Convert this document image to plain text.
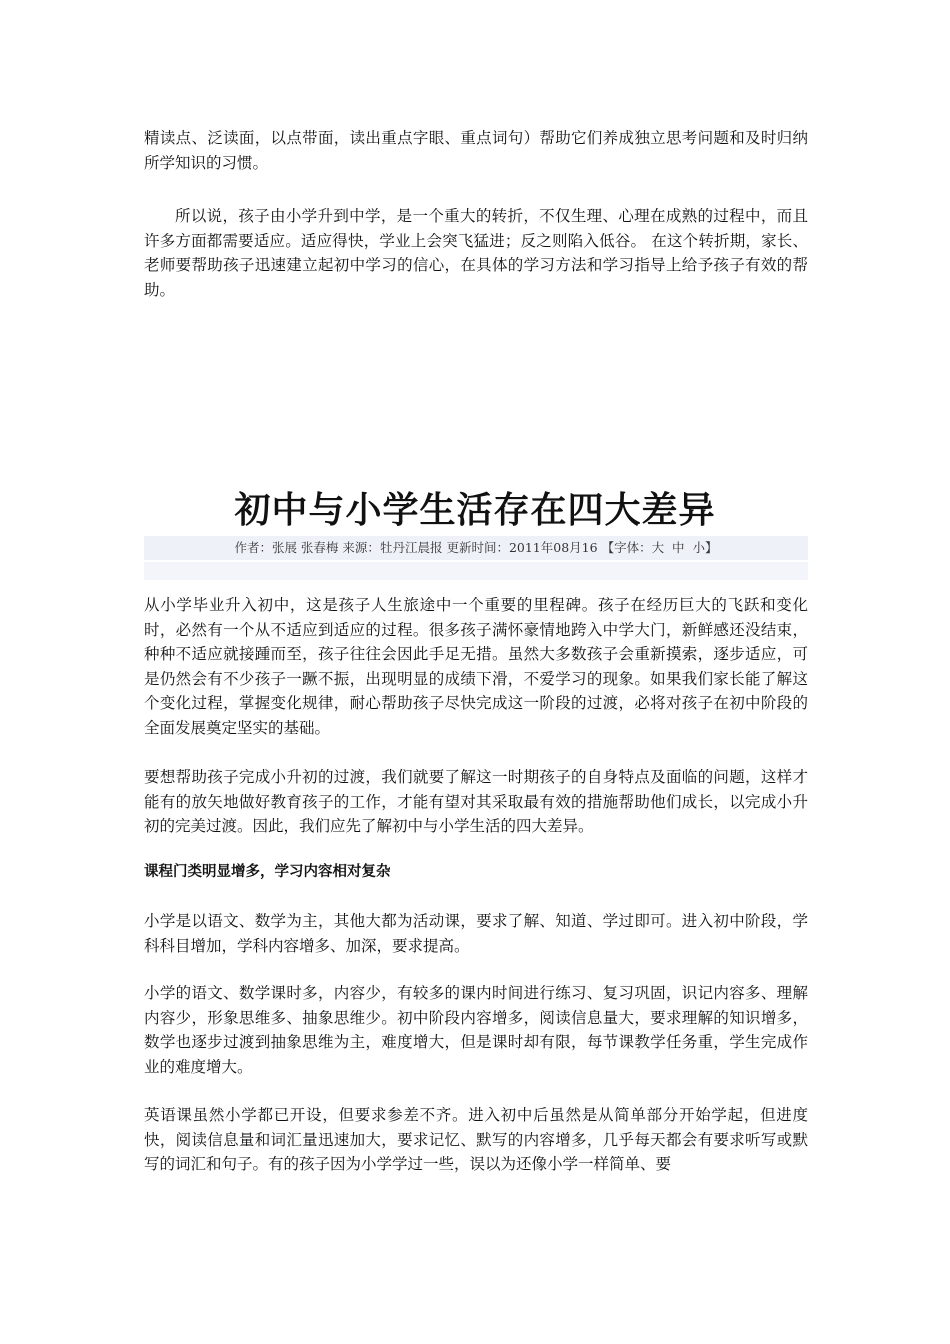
精读点、泛读面，以点带面，读出重点字眼、重点词句）帮助它们养成独立思考问题和及时归纳所学知识的习惯。

所以说，孩子由小学升到中学，是一个重大的转折，不仅生理、心理在成熟的过程中，而且许多方面都需要适应。适应得快，学业上会突飞猛进；反之则陷入低谷。 在这个转折期，家长、老师要帮助孩子迅速建立起初中学习的信心，在具体的学习方法和学习指导上给予孩子有效的帮助。

初中与小学生活存在四大差异
作者：张展 张春梅 来源：牡丹江晨报 更新时间：2011年08月16 【字体：大 中 小】

从小学毕业升入初中，这是孩子人生旅途中一个重要的里程碑。孩子在经历巨大的飞跃和变化时，必然有一个从不适应到适应的过程。很多孩子满怀豪情地跨入中学大门，新鲜感还没结束，种种不适应就接踵而至，孩子往往会因此手足无措。虽然大多数孩子会重新摸索，逐步适应，可是仍然会有不少孩子一蹶不振，出现明显的成绩下滑，不爱学习的现象。如果我们家长能了解这个变化过程，掌握变化规律，耐心帮助孩子尽快完成这一阶段的过渡，必将对孩子在初中阶段的全面发展奠定坚实的基础。

要想帮助孩子完成小升初的过渡，我们就要了解这一时期孩子的自身特点及面临的问题，这样才能有的放矢地做好教育孩子的工作，才能有望对其采取最有效的措施帮助他们成长，以完成小升初的完美过渡。因此，我们应先了解初中与小学生活的四大差异。

课程门类明显增多，学习内容相对复杂

小学是以语文、数学为主，其他大都为活动课，要求了解、知道、学过即可。进入初中阶段，学科科目增加，学科内容增多、加深，要求提高。

小学的语文、数学课时多，内容少，有较多的课内时间进行练习、复习巩固，识记内容多、理解内容少，形象思维多、抽象思维少。初中阶段内容增多，阅读信息量大，要求理解的知识增多，数学也逐步过渡到抽象思维为主，难度增大，但是课时却有限，每节课教学任务重，学生完成作业的难度增大。

英语课虽然小学都已开设，但要求参差不齐。进入初中后虽然是从简单部分开始学起，但进度快，阅读信息量和词汇量迅速加大，要求记忆、默写的内容增多，几乎每天都会有要求听写或默写的词汇和句子。有的孩子因为小学学过一些，误以为还像小学一样简单、要
